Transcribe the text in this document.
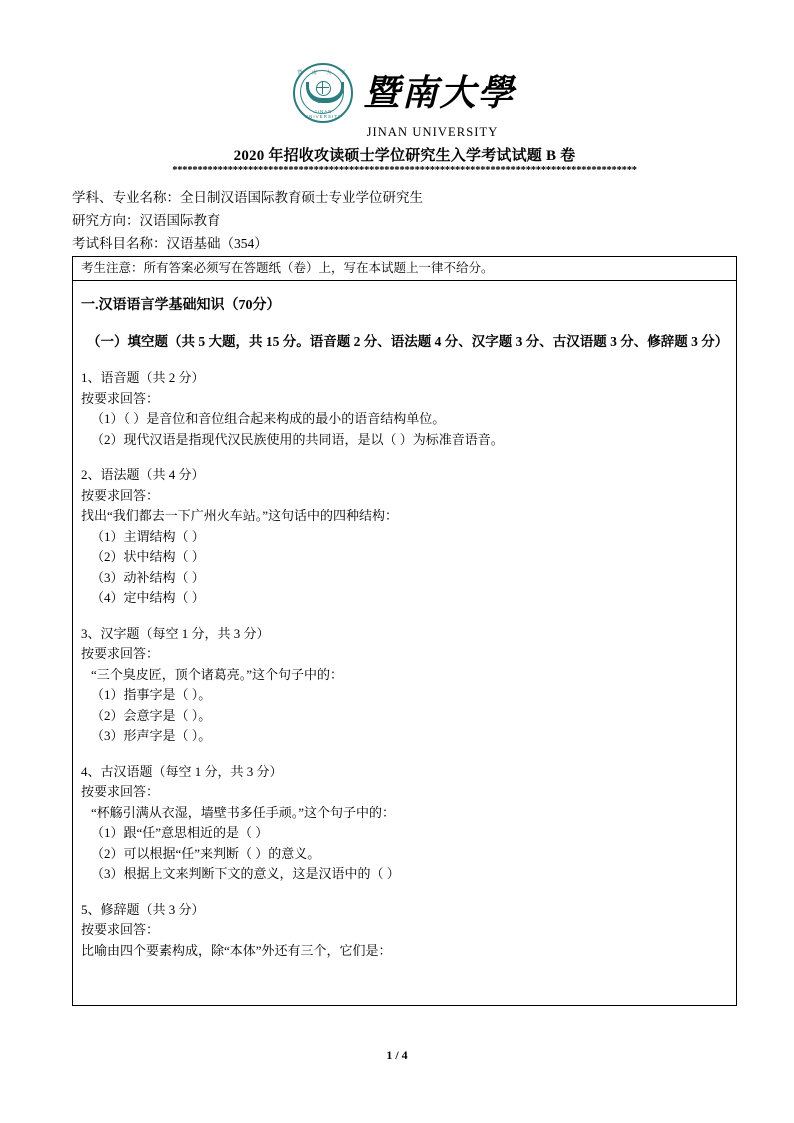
暨 南 大 学
1906
JINAN UNIVERSITY
暨南大學
JINAN UNIVERSITY
2020 年招收攻读硕士学位研究生入学考试试题 B 卷
********************************************************************************************
学科、专业名称：全日制汉语国际教育硕士专业学位研究生
研究方向：汉语国际教育
考试科目名称：汉语基础（354）
考生注意：所有答案必须写在答题纸（卷）上，写在本试题上一律不给分。
一.汉语语言学基础知识（70分）
（一）填空题（共 5 大题，共 15 分。语音题 2 分、语法题 4 分、汉字题 3 分、古汉语题 3 分、修辞题 3 分）
1、语音题（共 2 分）
按要求回答：
（1）（ ）是音位和音位组合起来构成的最小的语音结构单位。
（2）现代汉语是指现代汉民族使用的共同语，是以（ ）为标准音语音。
2、语法题（共 4 分）
按要求回答：
找出“我们都去一下广州火车站。”这句话中的四种结构：
（1）主谓结构（ ）
（2）状中结构（ ）
（3）动补结构（ ）
（4）定中结构（ ）
3、汉字题（每空 1 分，共 3 分）
按要求回答：
“三个臭皮匠，顶个诸葛亮。”这个句子中的：
（1）指事字是（ ）。
（2）会意字是（ ）。
（3）形声字是（ ）。
4、古汉语题（每空 1 分，共 3 分）
按要求回答：
“杯觞引满从衣湿，墙壁书多任手顽。”这个句子中的：
（1）跟“任”意思相近的是（ ）
（2）可以根据“任”来判断（ ）的意义。
（3）根据上文来判断下文的意义，这是汉语中的（ ）
5、修辞题（共 3 分）
按要求回答：
比喻由四个要素构成，除“本体”外还有三个，它们是：
1 / 4
